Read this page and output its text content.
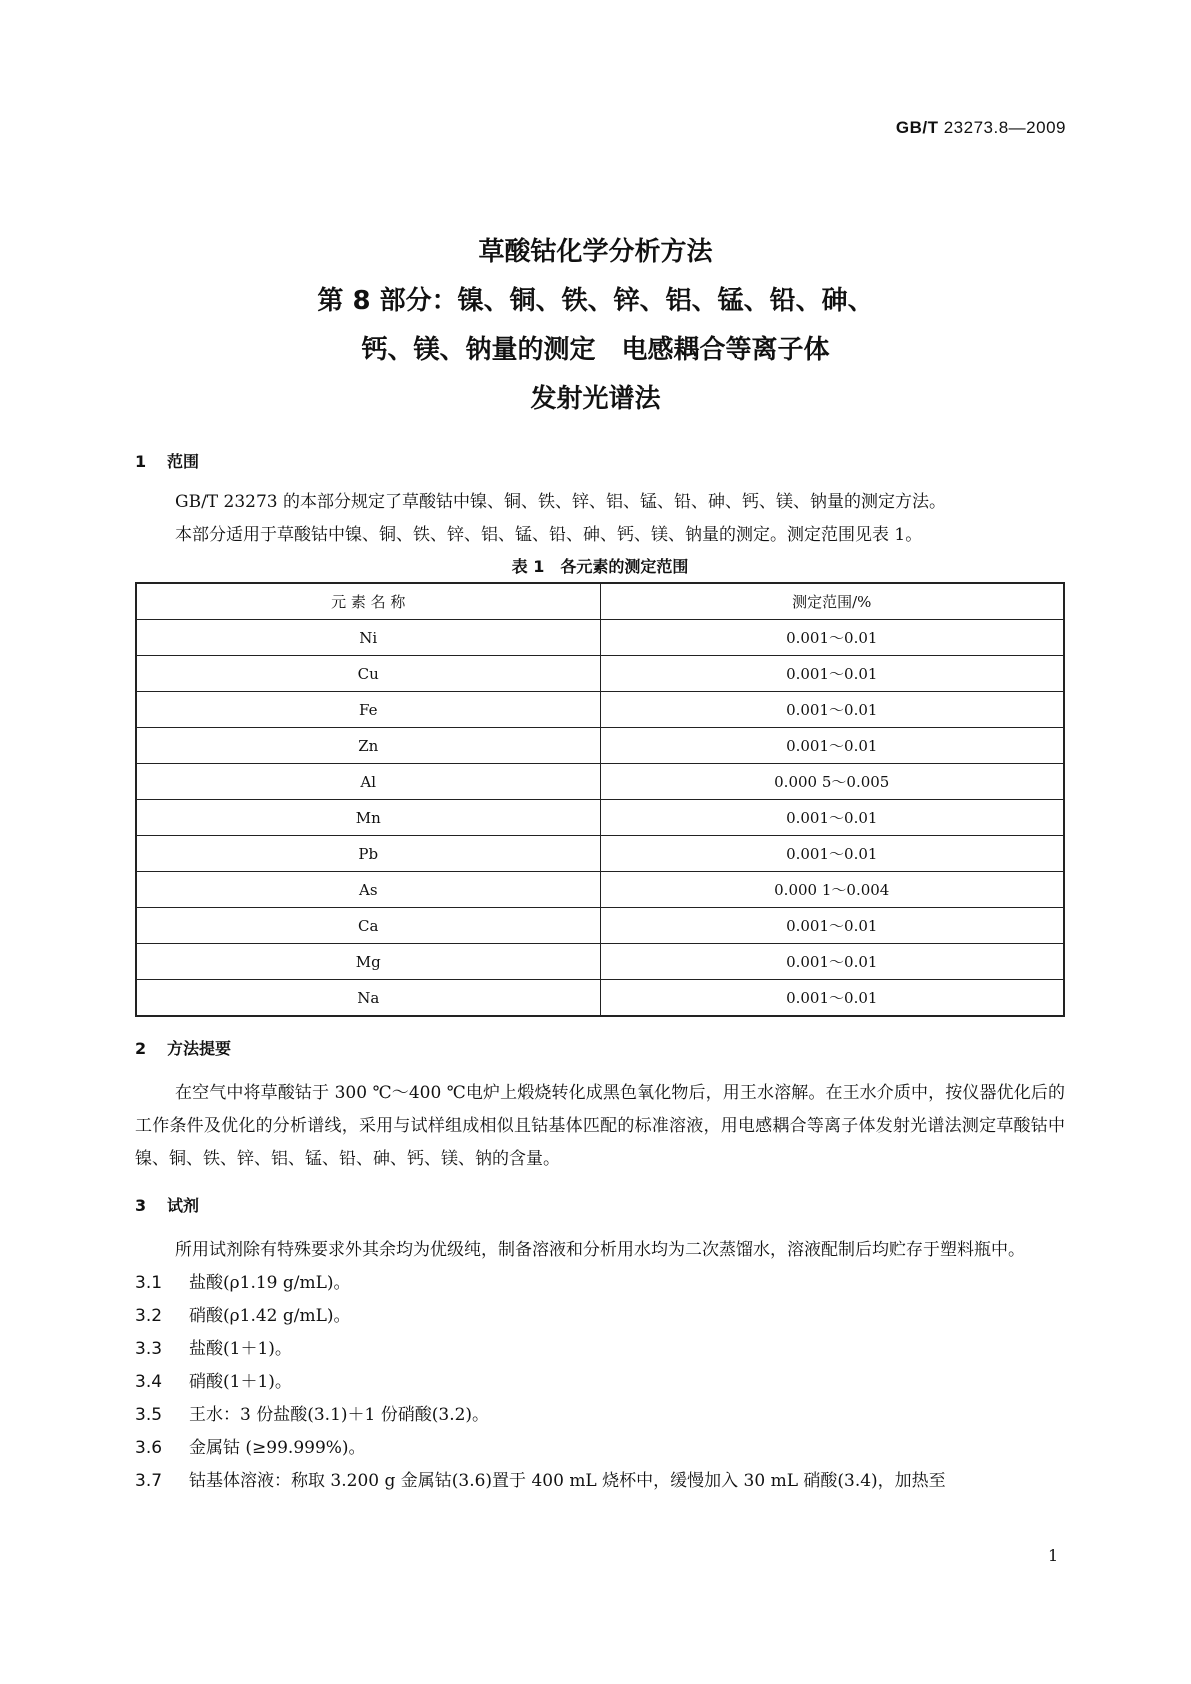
GB/T 23273.8—2009
草酸钴化学分析方法
第 8 部分：镍、铜、铁、锌、铝、锰、铅、砷、
钙、镁、钠量的测定　电感耦合等离子体
发射光谱法
1 范围
GB/T 23273 的本部分规定了草酸钴中镍、铜、铁、锌、铝、锰、铅、砷、钙、镁、钠量的测定方法。
本部分适用于草酸钴中镍、铜、铁、锌、铝、锰、铅、砷、钙、镁、钠量的测定。测定范围见表 1。
表 1　各元素的测定范围
元 素 名 称	测定范围/%
Ni	0.001～0.01
Cu	0.001～0.01
Fe	0.001～0.01
Zn	0.001～0.01
Al	0.000 5～0.005
Mn	0.001～0.01
Pb	0.001～0.01
As	0.000 1～0.004
Ca	0.001～0.01
Mg	0.001～0.01
Na	0.001～0.01
2 方法提要
在空气中将草酸钴于 300 ℃～400 ℃电炉上煅烧转化成黑色氧化物后，用王水溶解。在王水介质中，按仪器优化后的工作条件及优化的分析谱线，采用与试样组成相似且钴基体匹配的标准溶液，用电感耦合等离子体发射光谱法测定草酸钴中镍、铜、铁、锌、铝、锰、铅、砷、钙、镁、钠的含量。
3 试剂
所用试剂除有特殊要求外其余均为优级纯，制备溶液和分析用水均为二次蒸馏水，溶液配制后均贮存于塑料瓶中。
3.1 盐酸(ρ1.19 g/mL)。
3.2 硝酸(ρ1.42 g/mL)。
3.3 盐酸(1＋1)。
3.4 硝酸(1＋1)。
3.5 王水：3 份盐酸(3.1)＋1 份硝酸(3.2)。
3.6 金属钴 (≥99.999%)。
3.7 钴基体溶液：称取 3.200 g 金属钴(3.6)置于 400 mL 烧杯中，缓慢加入 30 mL 硝酸(3.4)，加热至
1
